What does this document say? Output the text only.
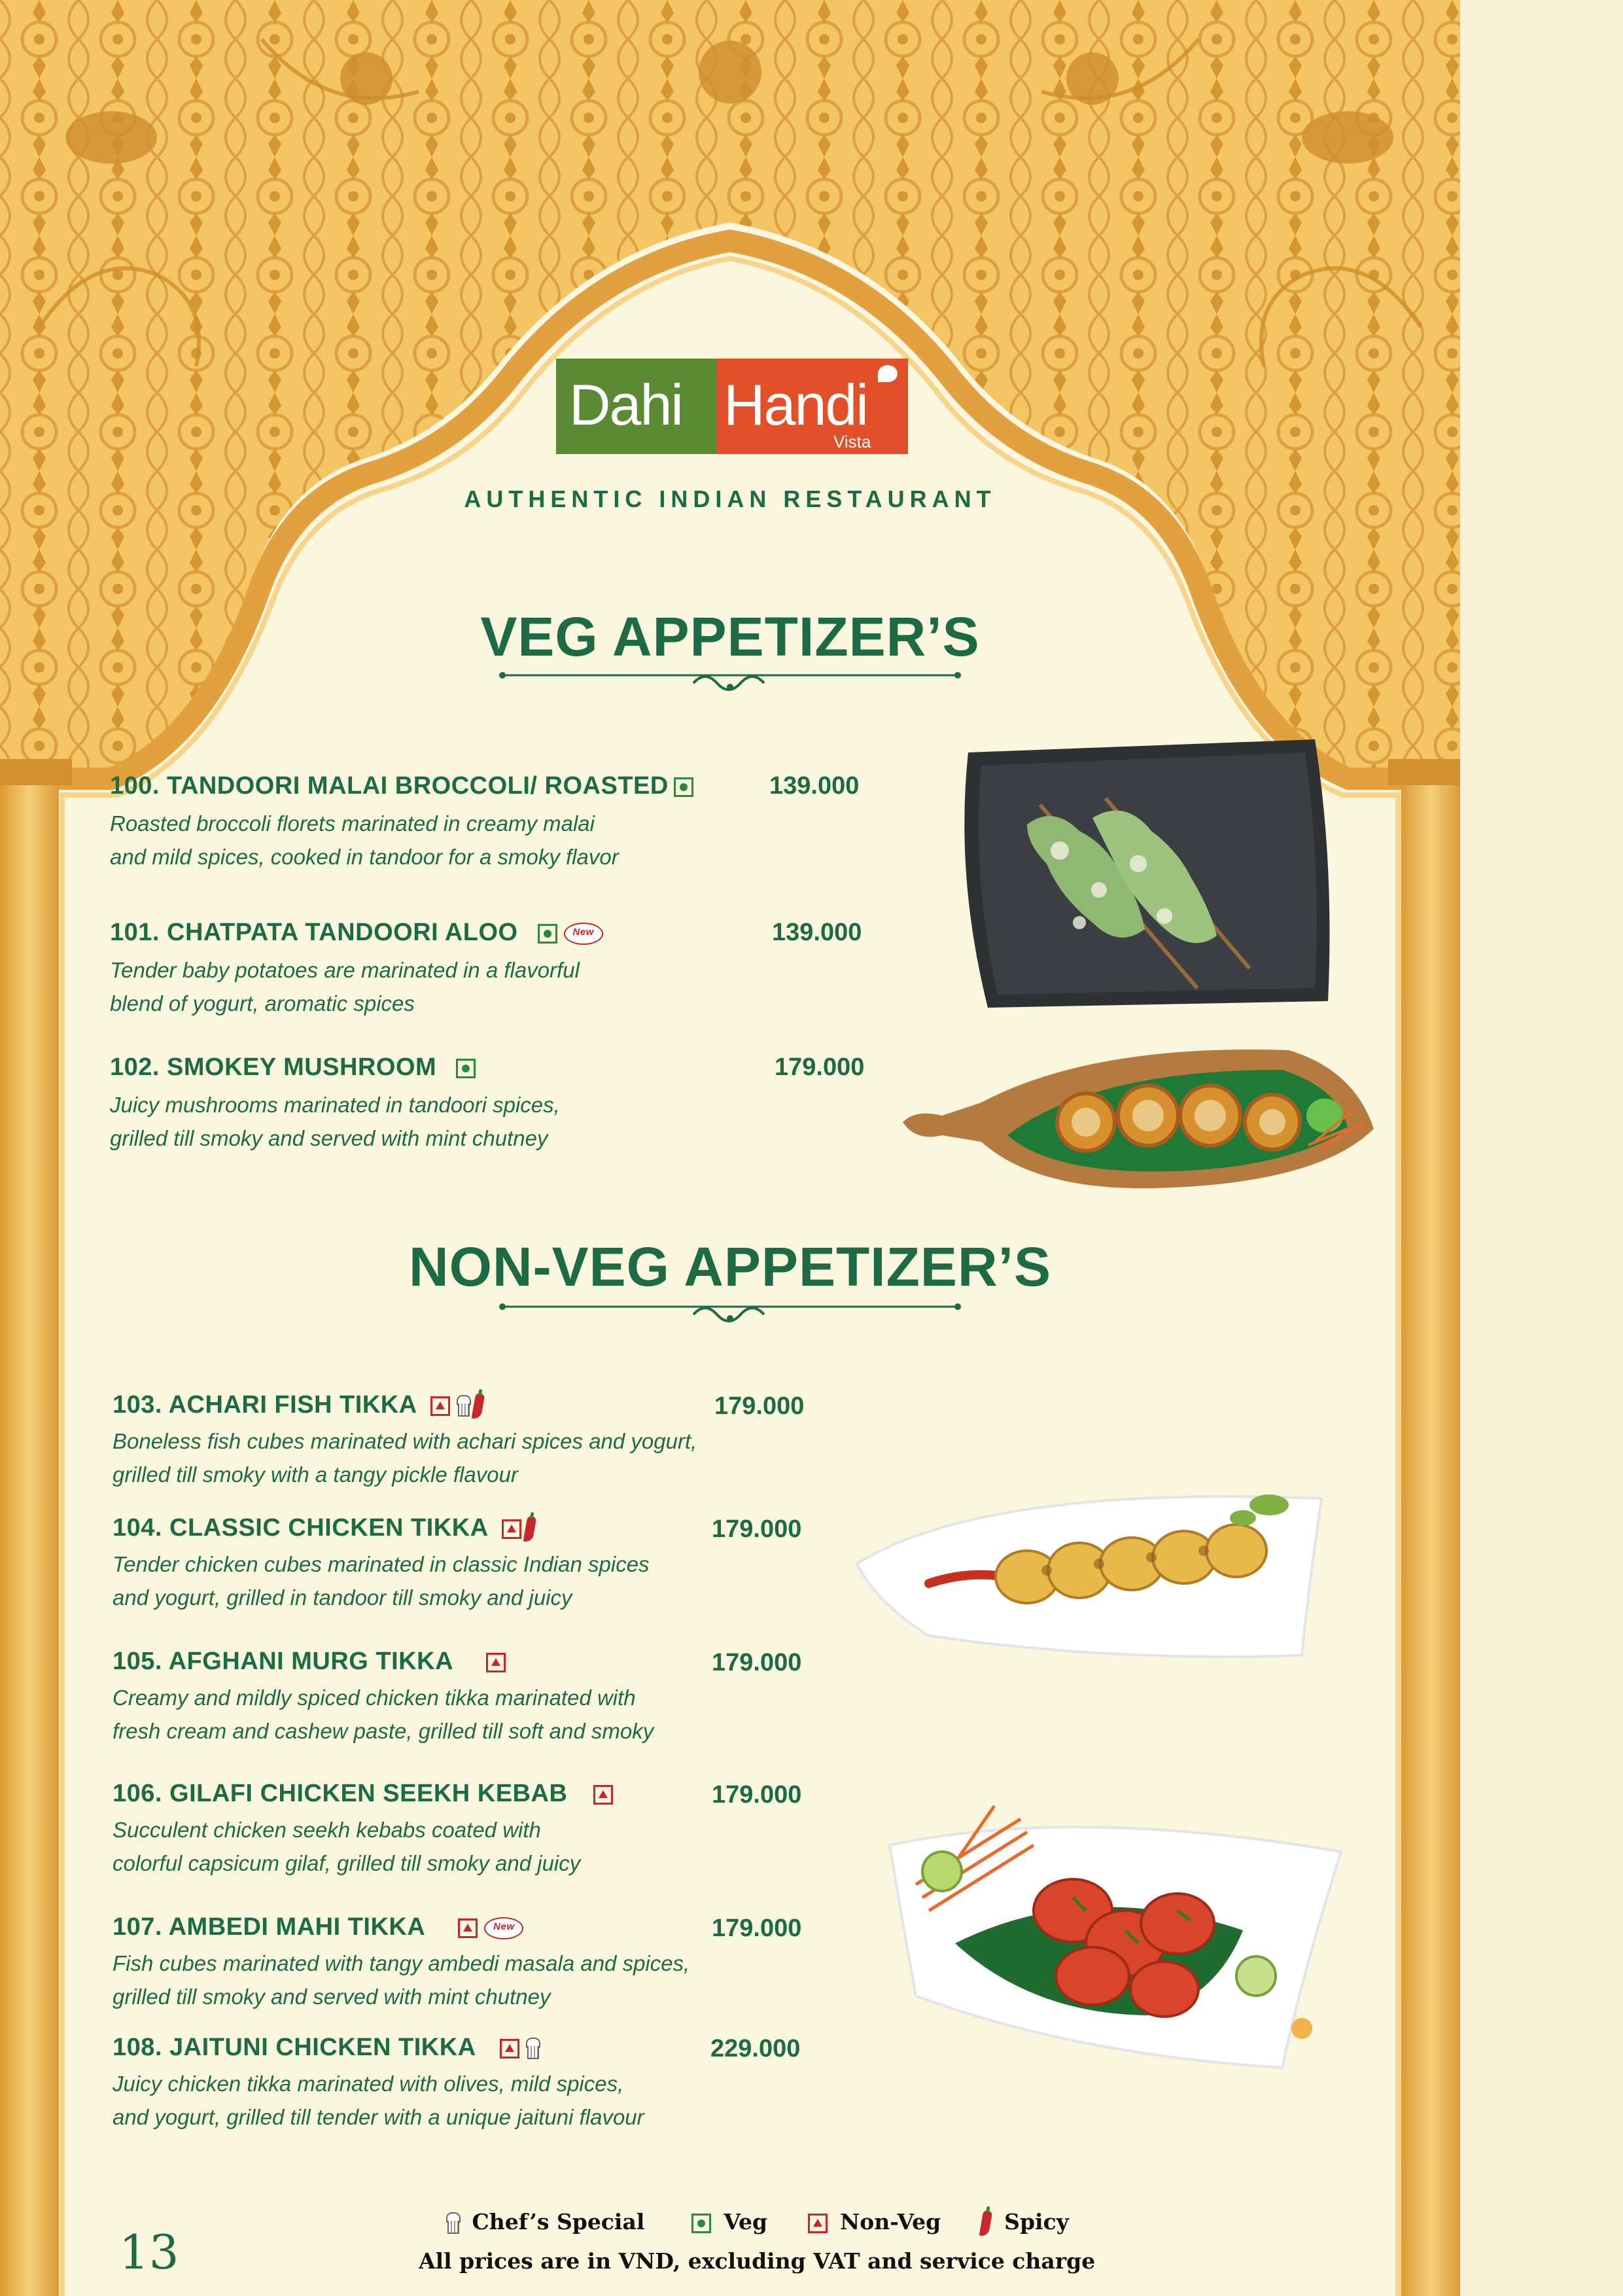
Dahi Handi
Vista
AUTHENTIC INDIAN RESTAURANT
VEG APPETIZER’S
100. TANDOORI MALAI BROCCOLI/ ROASTED
Roasted broccoli florets marinated in creamy malai
and mild spices, cooked in tandoor for a smoky flavor
139.000
101. CHATPATA TANDOORI ALOO	New
Tender baby potatoes are marinated in a flavorful
blend of yogurt, aromatic spices
139.000
102. SMOKEY MUSHROOM
Juicy mushrooms marinated in tandoori spices,
grilled till smoky and served with mint chutney
179.000
NON-VEG APPETIZER’S
103. ACHARI FISH TIKKA
Boneless fish cubes marinated with achari spices and yogurt,
grilled till smoky with a tangy pickle flavour
179.000
104. CLASSIC CHICKEN TIKKA
Tender chicken cubes marinated in classic Indian spices
and yogurt, grilled in tandoor till smoky and juicy
179.000
105. AFGHANI MURG TIKKA
Creamy and mildly spiced chicken tikka marinated with
fresh cream and cashew paste, grilled till soft and smoky
179.000
106. GILAFI CHICKEN SEEKH KEBAB
Succulent chicken seekh kebabs coated with
colorful capsicum gilaf, grilled till smoky and juicy
179.000
107. AMBEDI MAHI TIKKA	New
Fish cubes marinated with tangy ambedi masala and spices,
grilled till smoky and served with mint chutney
179.000
108. JAITUNI CHICKEN TIKKA
Juicy chicken tikka marinated with olives, mild spices,
and yogurt, grilled till tender with a unique jaituni flavour
229.000
Chef’s Special	Veg	Non-Veg	Spicy
All prices are in VND, excluding VAT and service charge
13
